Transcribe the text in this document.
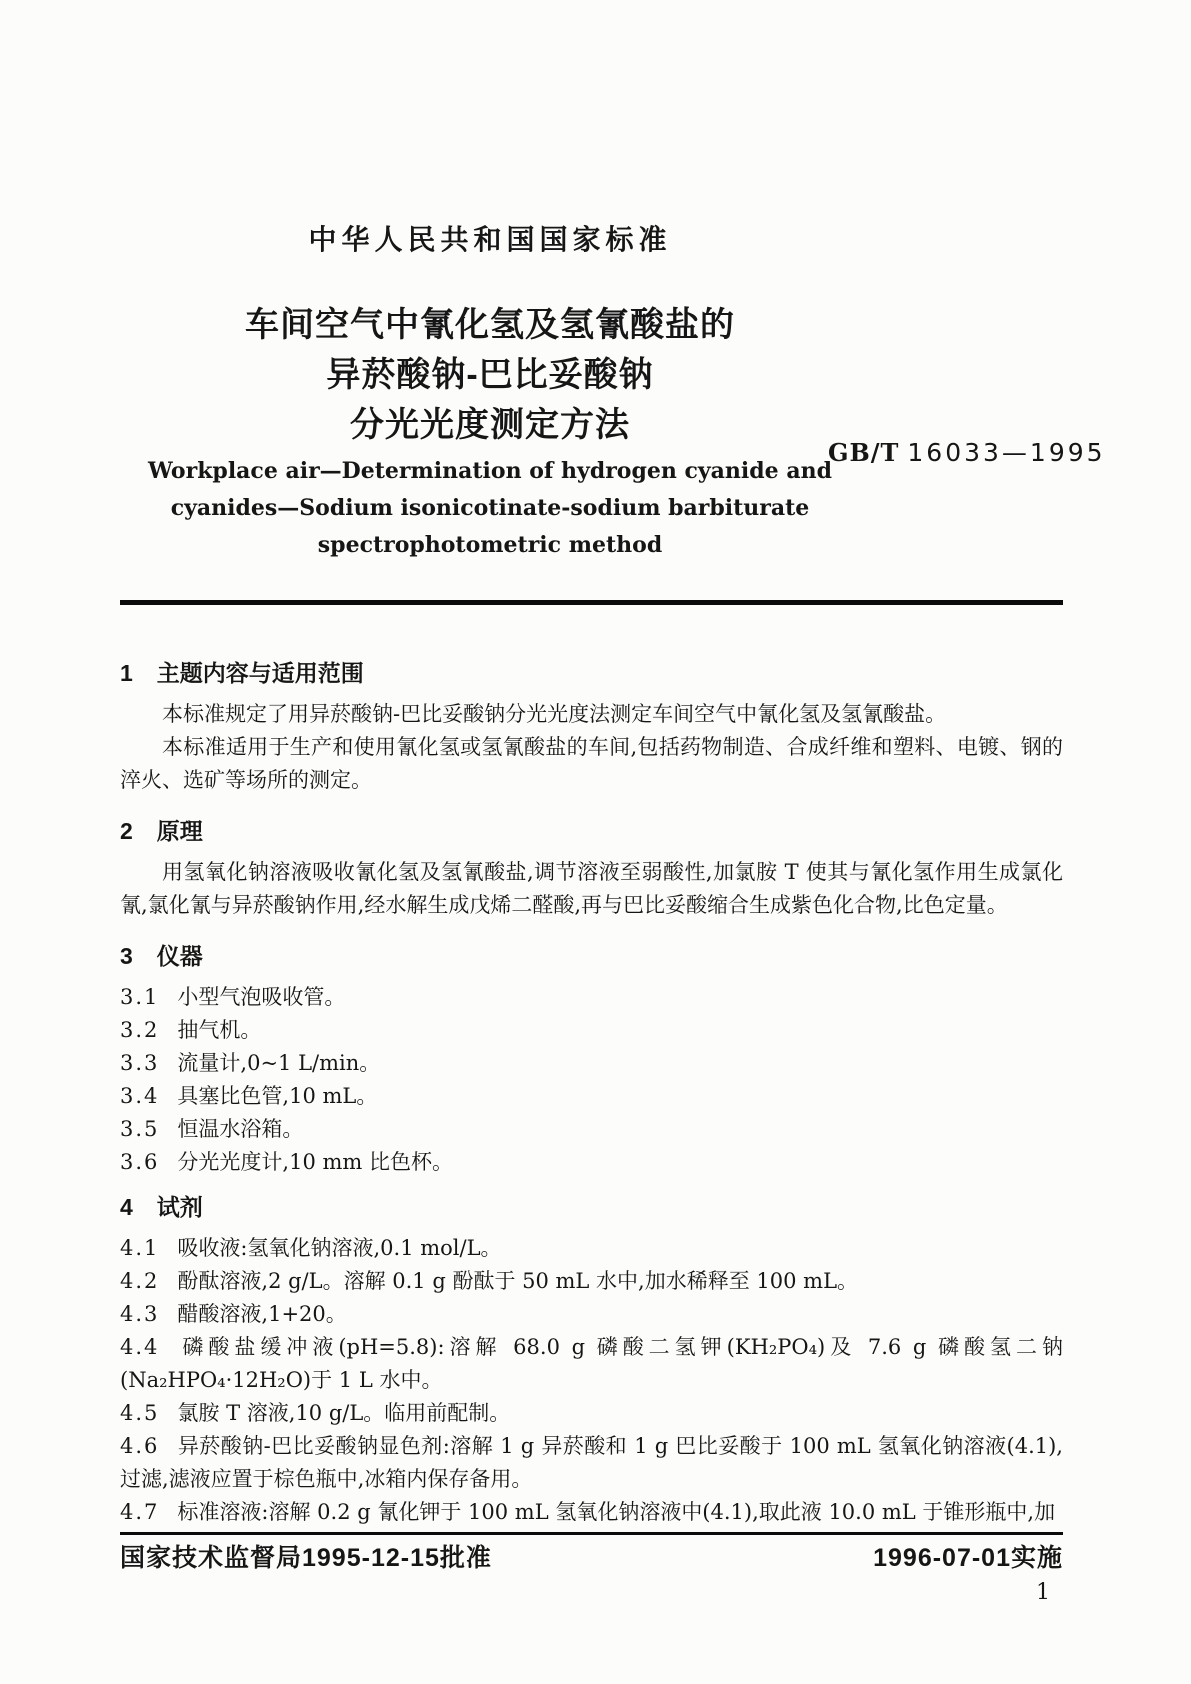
中华人民共和国国家标准
车间空气中氰化氢及氢氰酸盐的
异菸酸钠-巴比妥酸钠
分光光度测定方法
GB/T 16033—1995
Workplace air—Determination of hydrogen cyanide and
cyanides—Sodium isonicotinate-sodium barbiturate
spectrophotometric method
1 主题内容与适用范围
本标准规定了用异菸酸钠-巴比妥酸钠分光光度法测定车间空气中氰化氢及氢氰酸盐。
本标准适用于生产和使用氰化氢或氢氰酸盐的车间,包括药物制造、合成纤维和塑料、电镀、钢的淬火、选矿等场所的测定。
2 原理
用氢氧化钠溶液吸收氰化氢及氢氰酸盐,调节溶液至弱酸性,加氯胺 T 使其与氰化氢作用生成氯化氰,氯化氰与异菸酸钠作用,经水解生成戊烯二醛酸,再与巴比妥酸缩合生成紫色化合物,比色定量。
3 仪器
3.1 小型气泡吸收管。
3.2 抽气机。
3.3 流量计,0~1 L/min。
3.4 具塞比色管,10 mL。
3.5 恒温水浴箱。
3.6 分光光度计,10 mm 比色杯。
4 试剂
4.1 吸收液:氢氧化钠溶液,0.1 mol/L。
4.2 酚酞溶液,2 g/L。溶解 0.1 g 酚酞于 50 mL 水中,加水稀释至 100 mL。
4.3 醋酸溶液,1+20。
4.4 磷酸盐缓冲液(pH=5.8):溶解 68.0 g 磷酸二氢钾(KH₂PO₄)及 7.6 g 磷酸氢二钠(Na₂HPO₄·12H₂O)于 1 L 水中。
4.5 氯胺 T 溶液,10 g/L。临用前配制。
4.6 异菸酸钠-巴比妥酸钠显色剂:溶解 1 g 异菸酸和 1 g 巴比妥酸于 100 mL 氢氧化钠溶液(4.1),过滤,滤液应置于棕色瓶中,冰箱内保存备用。
4.7 标准溶液:溶解 0.2 g 氰化钾于 100 mL 氢氧化钠溶液中(4.1),取此液 10.0 mL 于锥形瓶中,加
国家技术监督局1995-12-15批准	1996-07-01实施
1
